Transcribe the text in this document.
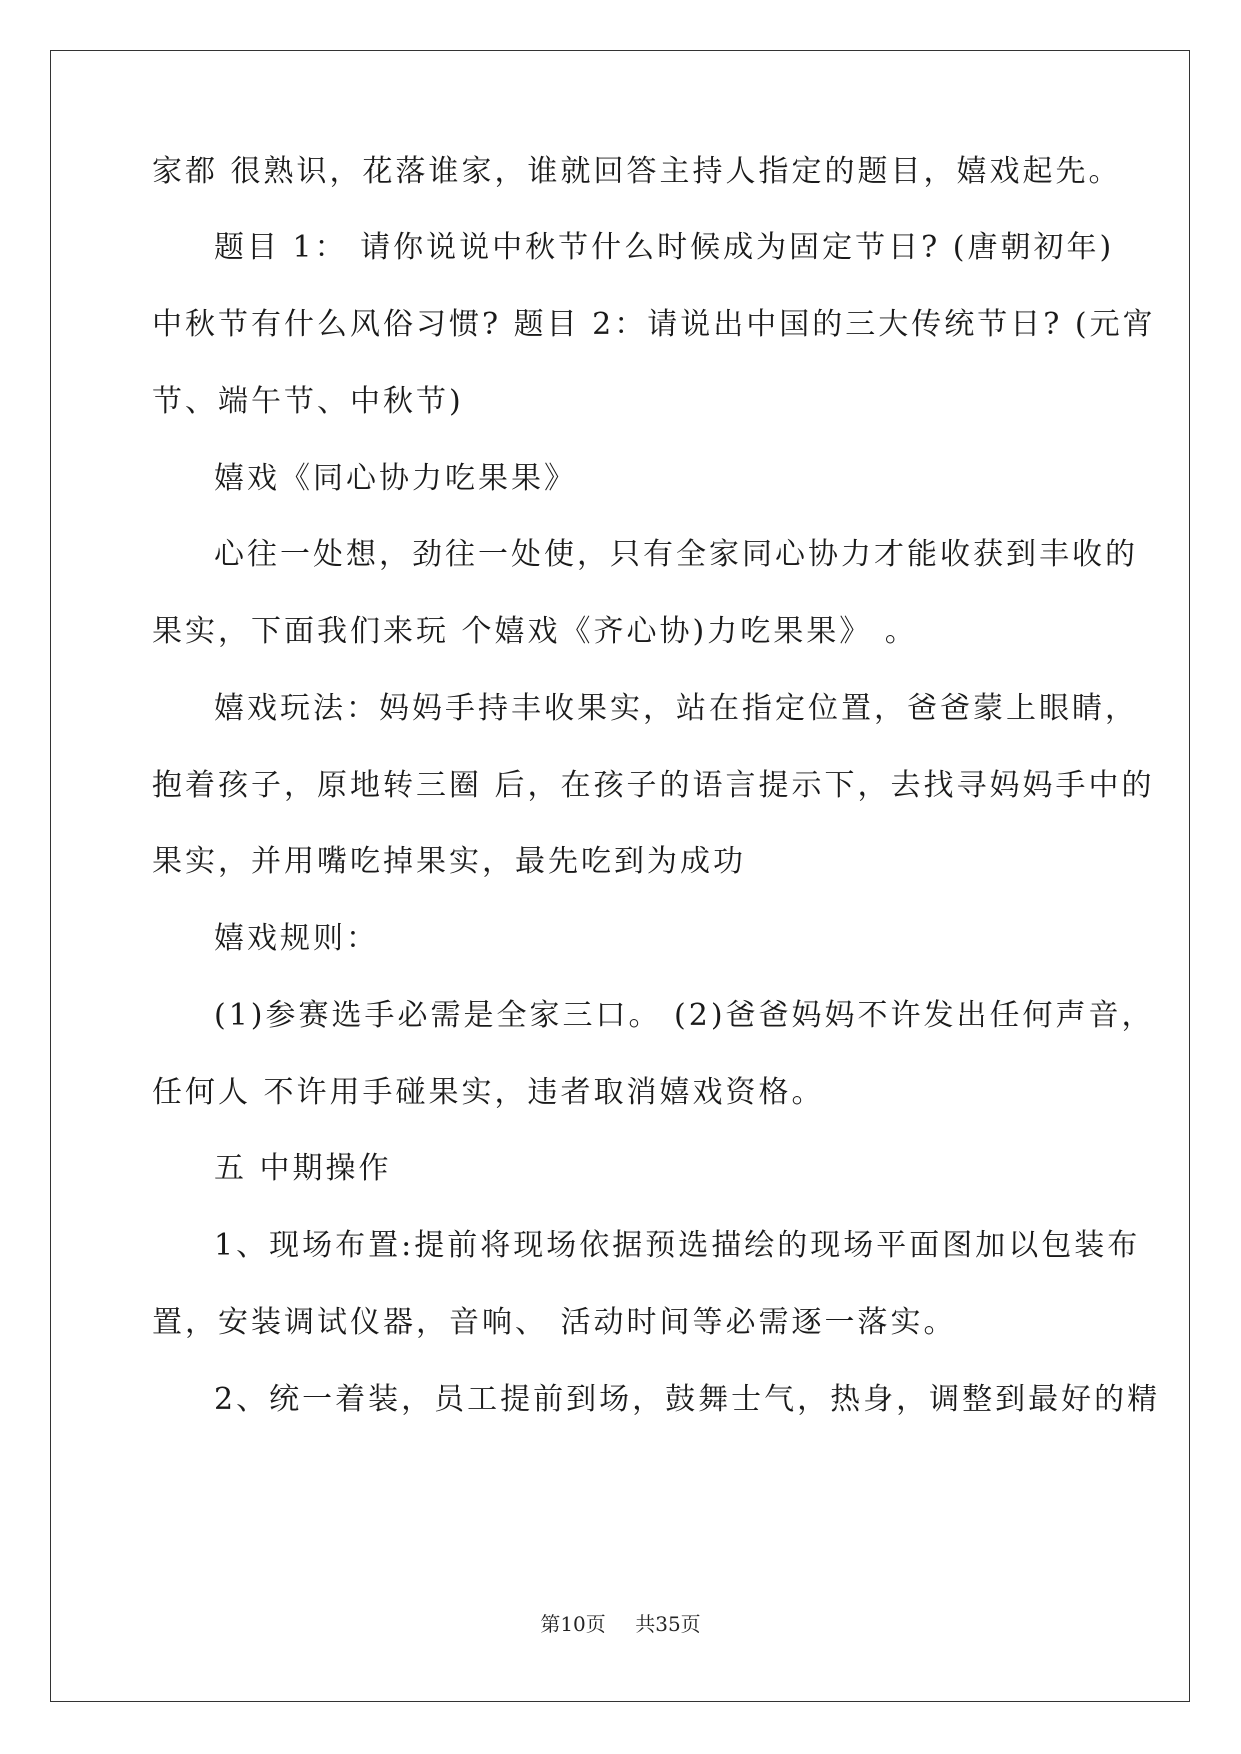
家都 很熟识，花落谁家，谁就回答主持人指定的题目，嬉戏起先。
题目 1： 请你说说中秋节什么时候成为固定节日? (唐朝初年)
中秋节有什么风俗习惯? 题目 2：请说出中国的三大传统节日? (元宵
节、端午节、中秋节)
嬉戏《同心协力吃果果》
心往一处想，劲往一处使，只有全家同心协力才能收获到丰收的
果实，下面我们来玩 个嬉戏《齐心协)力吃果果》 。
嬉戏玩法：妈妈手持丰收果实，站在指定位置，爸爸蒙上眼睛，
抱着孩子，原地转三圈 后，在孩子的语言提示下，去找寻妈妈手中的
果实，并用嘴吃掉果实，最先吃到为成功
嬉戏规则：
(1)参赛选手必需是全家三口。 (2)爸爸妈妈不许发出任何声音，
任何人 不许用手碰果实，违者取消嬉戏资格。
五 中期操作
1、现场布置:提前将现场依据预选描绘的现场平面图加以包装布
置，安装调试仪器，音响、 活动时间等必需逐一落实。
2、统一着装，员工提前到场，鼓舞士气，热身，调整到最好的精
第10页 共35页
